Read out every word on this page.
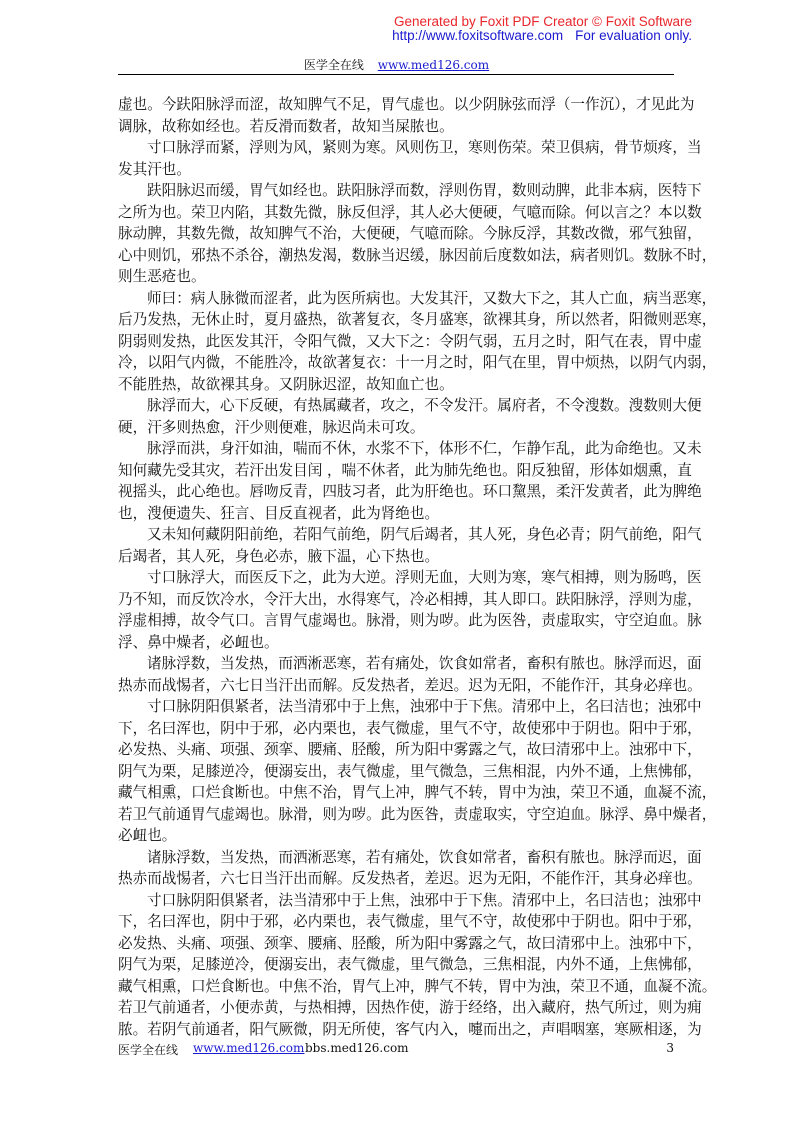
Generated by Foxit PDF Creator © Foxit Software
http://www.foxitsoftware.com For evaluation only.
医学全在线 www.med126.com
虚也。今趺阳脉浮而涩，故知脾气不足，胃气虚也。以少阴脉弦而浮（一作沉），才见此为
调脉，故称如经也。若反滑而数者，故知当屎脓也。
寸口脉浮而紧，浮则为风，紧则为寒。风则伤卫，寒则伤荣。荣卫俱病，骨节烦疼，当
发其汗也。
趺阳脉迟而缓，胃气如经也。趺阳脉浮而数，浮则伤胃，数则动脾，此非本病，医特下
之所为也。荣卫内陷，其数先微，脉反但浮，其人必大便硬，气噫而除。何以言之？本以数
脉动脾，其数先微，故知脾气不治，大便硬，气噫而除。今脉反浮，其数改微，邪气独留，
心中则饥，邪热不杀谷，潮热发渴，数脉当迟缓，脉因前后度数如法，病者则饥。数脉不时，
则生恶疮也。
师曰：病人脉微而涩者，此为医所病也。大发其汗，又数大下之，其人亡血，病当恶寒，
后乃发热，无休止时，夏月盛热，欲著复衣，冬月盛寒，欲裸其身，所以然者，阳微则恶寒，
阴弱则发热，此医发其汗，令阳气微，又大下之：令阴气弱，五月之时，阳气在表，胃中虚
冷，以阳气内微，不能胜冷，故欲著复衣：十一月之时，阳气在里，胃中烦热，以阴气内弱，
不能胜热，故欲裸其身。又阴脉迟涩，故知血亡也。
脉浮而大，心下反硬，有热属藏者，攻之，不令发汗。属府者，不令溲数。溲数则大便
硬，汗多则热愈，汗少则便难，脉迟尚未可攻。
脉浮而洪，身汗如油，喘而不休，水浆不下，体形不仁，乍静乍乱，此为命绝也。又未
知何藏先受其灾，若汗出发目闰 ，喘不休者，此为肺先绝也。阳反独留，形体如烟熏，直
视摇头，此心绝也。唇吻反青，四肢习者，此为肝绝也。环口黧黑，柔汗发黄者，此为脾绝
也，溲便遗失、狂言、目反直视者，此为肾绝也。
又未知何藏阴阳前绝，若阳气前绝，阴气后竭者，其人死，身色必青；阴气前绝，阳气
后竭者，其人死，身色必赤，腋下温，心下热也。
寸口脉浮大，而医反下之，此为大逆。浮则无血，大则为寒，寒气相搏，则为肠鸣，医
乃不知，而反饮冷水，令汗大出，水得寒气，冷必相搏，其人即口。趺阳脉浮，浮则为虚，
浮虚相搏，故令气口。言胃气虚竭也。脉滑，则为哕。此为医咎，责虚取实，守空迫血。脉
浮、鼻中燥者，必衄也。
诸脉浮数，当发热，而洒淅恶寒，若有痛处，饮食如常者，畜积有脓也。脉浮而迟，面
热赤而战惕者，六七日当汗出而解。反发热者，差迟。迟为无阳，不能作汗，其身必痒也。
寸口脉阴阳俱紧者，法当清邪中于上焦，浊邪中于下焦。清邪中上，名曰洁也；浊邪中
下，名曰浑也，阴中于邪，必内栗也，表气微虚，里气不守，故使邪中于阴也。阳中于邪，
必发热、头痛、项强、颈挛、腰痛、胫酸，所为阳中雾露之气，故曰清邪中上。浊邪中下，
阴气为栗，足膝逆冷，便溺妄出，表气微虚，里气微急，三焦相混，内外不通，上焦怫郁，
藏气相熏，口烂食断也。中焦不治，胃气上冲，脾气不转，胃中为浊，荣卫不通，血凝不流，
若卫气前通胃气虚竭也。脉滑，则为哕。此为医咎，责虚取实，守空迫血。脉浮、鼻中燥者，
必衄也。
诸脉浮数，当发热，而洒淅恶寒，若有痛处，饮食如常者，畜积有脓也。脉浮而迟，面
热赤而战惕者，六七日当汗出而解。反发热者，差迟。迟为无阳，不能作汗，其身必痒也。
寸口脉阴阳俱紧者，法当清邪中于上焦，浊邪中于下焦。清邪中上，名曰洁也；浊邪中
下，名曰浑也，阴中于邪，必内栗也，表气微虚，里气不守，故使邪中于阴也。阳中于邪，
必发热、头痛、项强、颈挛、腰痛、胫酸，所为阳中雾露之气，故曰清邪中上。浊邪中下，
阴气为栗，足膝逆冷，便溺妄出，表气微虚，里气微急，三焦相混，内外不通，上焦怫郁，
藏气相熏，口烂食断也。中焦不治，胃气上冲，脾气不转，胃中为浊，荣卫不通，血凝不流。
若卫气前通者，小便赤黄，与热相搏，因热作使，游于经络，出入藏府，热气所过，则为痈
脓。若阴气前通者，阳气厥微，阴无所使，客气内入，嚏而出之，声唱咽塞，寒厥相逐，为
医学全在线 www.med126.com bbs.med126.com	3
